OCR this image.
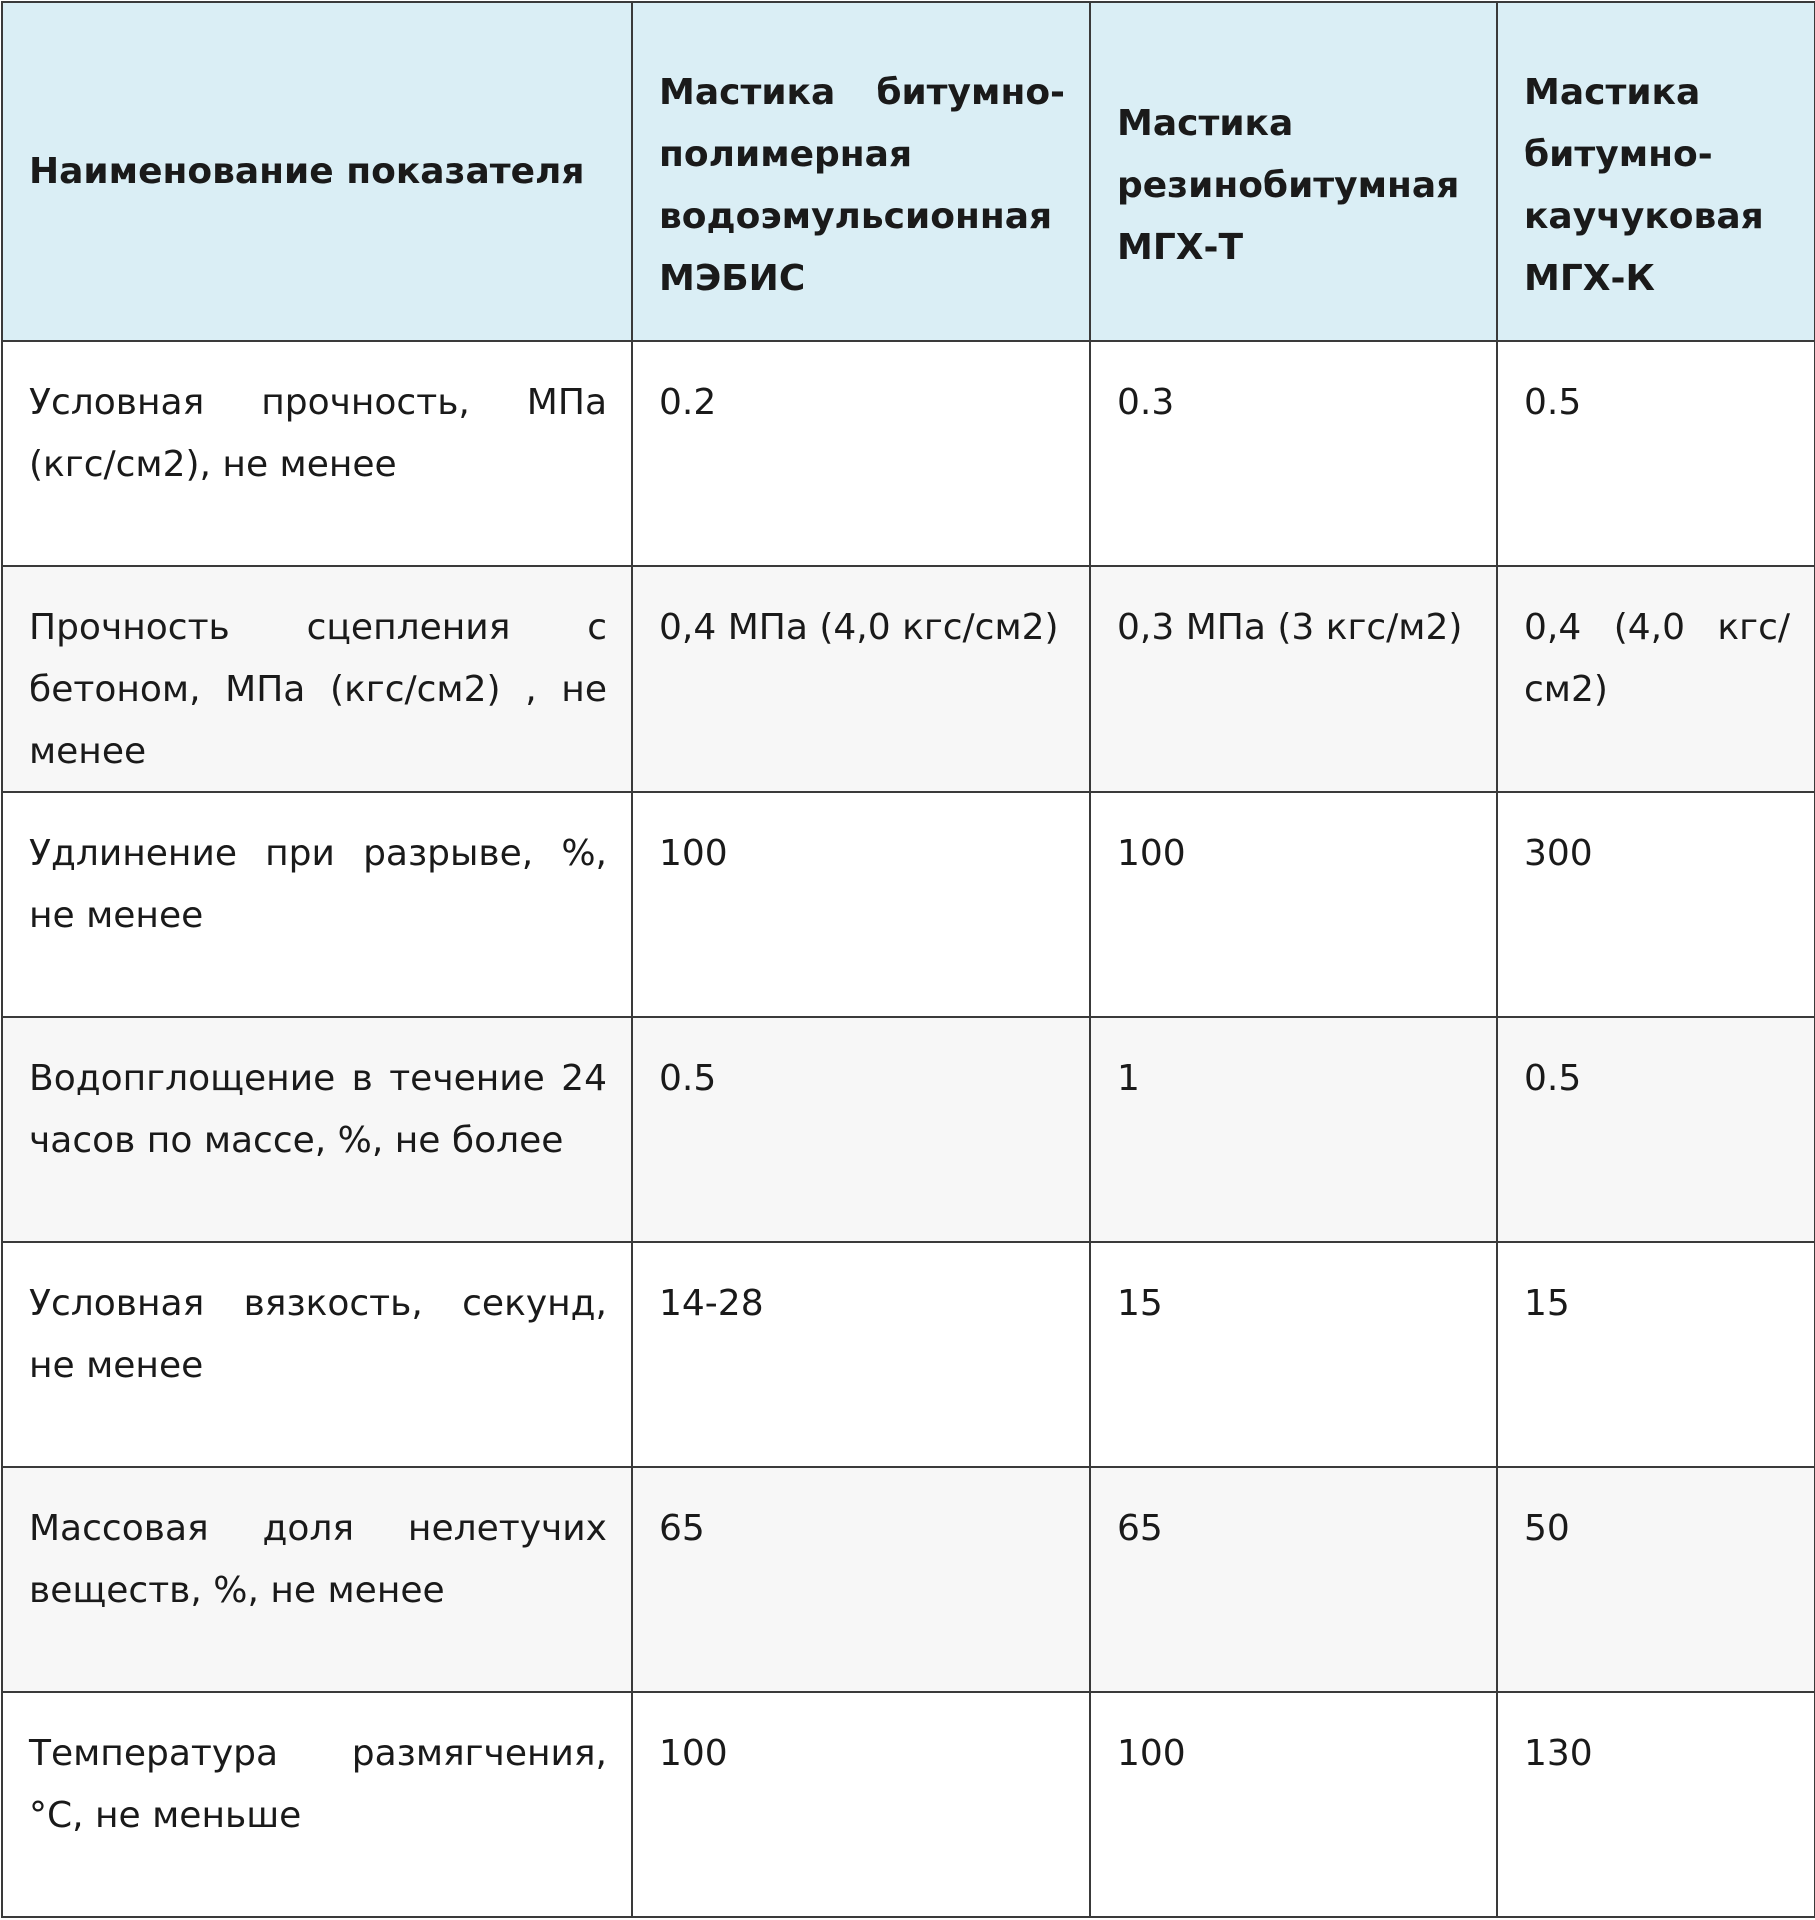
Наименование показателя	Мастика битумно-полимерная водоэмульсионная МЭБИС	Мастика резинобитумная МГХ-Т	Мастика битумно-каучуковая МГХ-К
Условная прочность, МПа (кгс/см2), не менее	0.2	0.3	0.5
Прочность сцепления с бетоном, МПа (кгс/см2) , не менее	0,4 МПа (4,0 кгс/см2)	0,3 МПа (3 кгс/м2)	0,4 (4,0 кгс/см2)
Удлинение при разрыве, %, не менее	100	100	300
Водопглощение в течение 24 часов по массе, %, не более	0.5	1	0.5
Условная вязкость, секунд, не менее	14-28	15	15
Массовая доля нелетучих веществ, %, не менее	65	65	50
Температура размягчения, °С, не меньше	100	100	130
